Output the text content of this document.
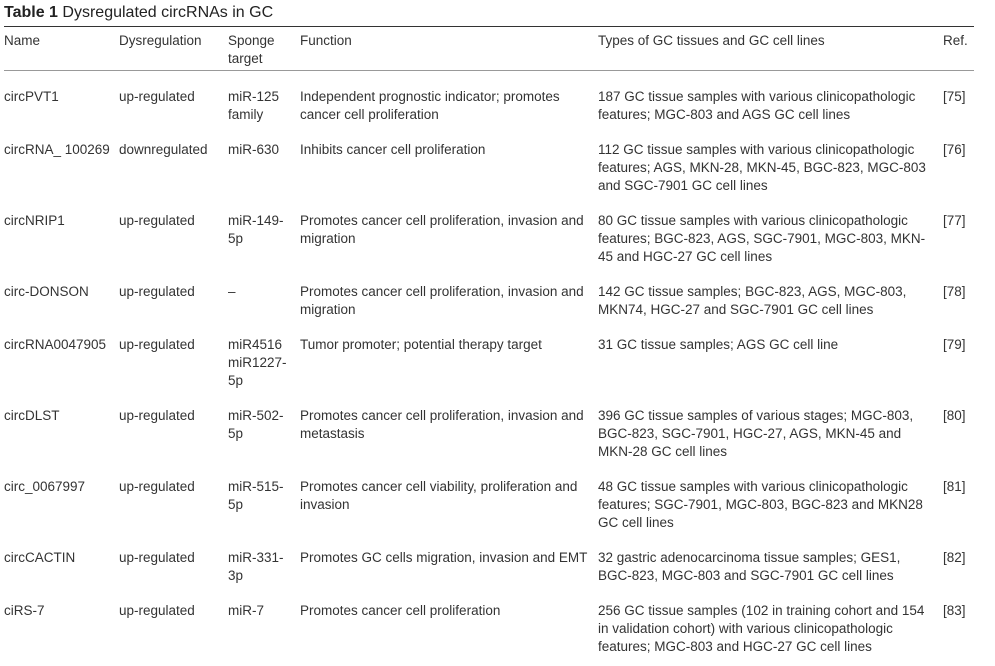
Table 1 Dysregulated circRNAs in GC
Name	Dysregulation	Sponge target	Function	Types of GC tissues and GC cell lines	Ref.

circPVT1	up-regulated	miR-125 family	Independent prognostic indicator; promotes cancer cell proliferation	187 GC tissue samples with various clinicopathologic features; MGC-803 and AGS GC cell lines	[75]
circRNA_ 100269	downregulated	miR-630	Inhibits cancer cell proliferation	112 GC tissue samples with various clinicopathologic features; AGS, MKN-28, MKN-45, BGC-823, MGC-803 and SGC-7901 GC cell lines	[76]
circNRIP1	up-regulated	miR-149-5p	Promotes cancer cell proliferation, invasion and migration	80 GC tissue samples with various clinicopathologic features; BGC-823, AGS, SGC-7901, MGC-803, MKN-45 and HGC-27 GC cell lines	[77]
circ-DONSON	up-regulated	–	Promotes cancer cell proliferation, invasion and migration	142 GC tissue samples; BGC-823, AGS, MGC-803, MKN74, HGC-27 and SGC-7901 GC cell lines	[78]
circRNA0047905	up-regulated	miR4516 miR1227-5p	Tumor promoter; potential therapy target	31 GC tissue samples; AGS GC cell line	[79]
circDLST	up-regulated	miR-502-5p	Promotes cancer cell proliferation, invasion and metastasis	396 GC tissue samples of various stages; MGC-803, BGC-823, SGC-7901, HGC-27, AGS, MKN-45 and MKN-28 GC cell lines	[80]
circ_0067997	up-regulated	miR-515-5p	Promotes cancer cell viability, proliferation and invasion	48 GC tissue samples with various clinicopathologic features; SGC-7901, MGC-803, BGC-823 and MKN28 GC cell lines	[81]
circCACTIN	up-regulated	miR-331-3p	Promotes GC cells migration, invasion and EMT	32 gastric adenocarcinoma tissue samples; GES1, BGC-823, MGC-803 and SGC-7901 GC cell lines	[82]
ciRS-7	up-regulated	miR-7	Promotes cancer cell proliferation	256 GC tissue samples (102 in training cohort and 154 in validation cohort) with various clinicopathologic features; MGC-803 and HGC-27 GC cell lines	[83]
